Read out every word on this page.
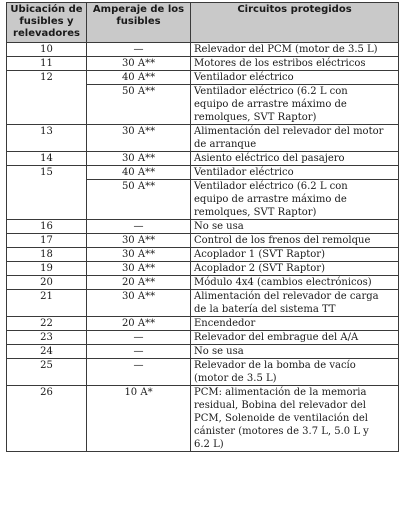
Ubicación de fusibles y relevadores	Amperaje de los fusibles	Circuitos protegidos
10	—	Relevador del PCM (motor de 3.5 L)
11	30 A**	Motores de los estribos eléctricos
12	40 A**	Ventilador eléctrico
	50 A**	Ventilador eléctrico (6.2 L con
equipo de arrastre máximo de
remolques, SVT Raptor)
13	30 A**	Alimentación del relevador del motor
de arranque
14	30 A**	Asiento eléctrico del pasajero
15	40 A**	Ventilador eléctrico
	50 A**	Ventilador eléctrico (6.2 L con
equipo de arrastre máximo de
remolques, SVT Raptor)
16	—	No se usa
17	30 A**	Control de los frenos del remolque
18	30 A**	Acoplador 1 (SVT Raptor)
19	30 A**	Acoplador 2 (SVT Raptor)
20	20 A**	Módulo 4x4 (cambios electrónicos)
21	30 A**	Alimentación del relevador de carga
de la batería del sistema TT
22	20 A**	Encendedor
23	—	Relevador del embrague del A/A
24	—	No se usa
25	—	Relevador de la bomba de vacío
(motor de 3.5 L)
26	10 A*	PCM: alimentación de la memoria
residual, Bobina del relevador del
PCM, Solenoide de ventilación del
cánister (motores de 3.7 L, 5.0 L y
6.2 L)
